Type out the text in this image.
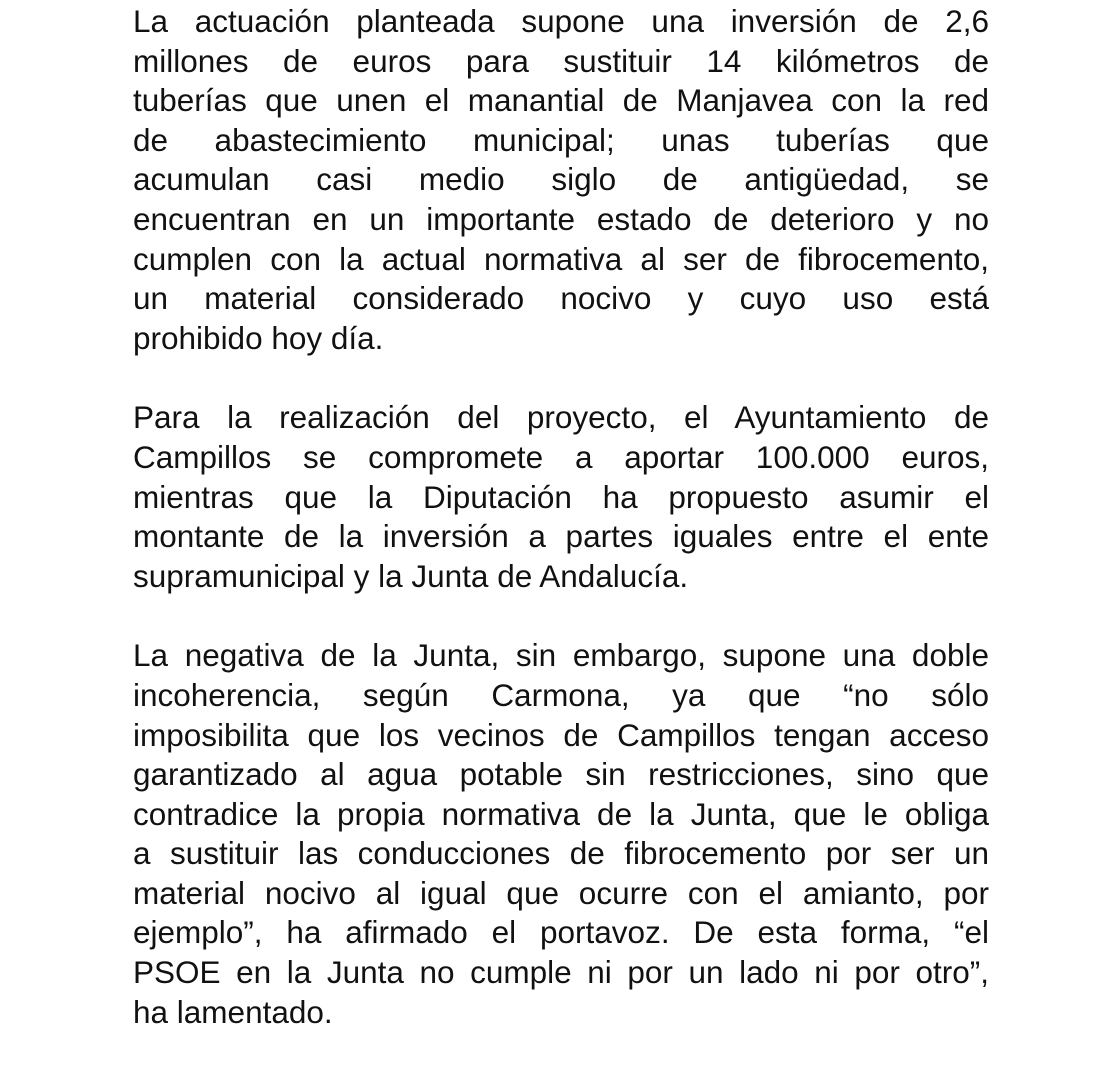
La actuación planteada supone una inversión de 2,6
millones de euros para sustituir 14 kilómetros de
tuberías que unen el manantial de Manjavea con la red
de abastecimiento municipal; unas tuberías que
acumulan casi medio siglo de antigüedad, se
encuentran en un importante estado de deterioro y no
cumplen con la actual normativa al ser de fibrocemento,
un material considerado nocivo y cuyo uso está
prohibido hoy día.
Para la realización del proyecto, el Ayuntamiento de
Campillos se compromete a aportar 100.000 euros,
mientras que la Diputación ha propuesto asumir el
montante de la inversión a partes iguales entre el ente
supramunicipal y la Junta de Andalucía.
La negativa de la Junta, sin embargo, supone una doble
incoherencia, según Carmona, ya que “no sólo
imposibilita que los vecinos de Campillos tengan acceso
garantizado al agua potable sin restricciones, sino que
contradice la propia normativa de la Junta, que le obliga
a sustituir las conducciones de fibrocemento por ser un
material nocivo al igual que ocurre con el amianto, por
ejemplo”, ha afirmado el portavoz. De esta forma, “el
PSOE en la Junta no cumple ni por un lado ni por otro”,
ha lamentado.
